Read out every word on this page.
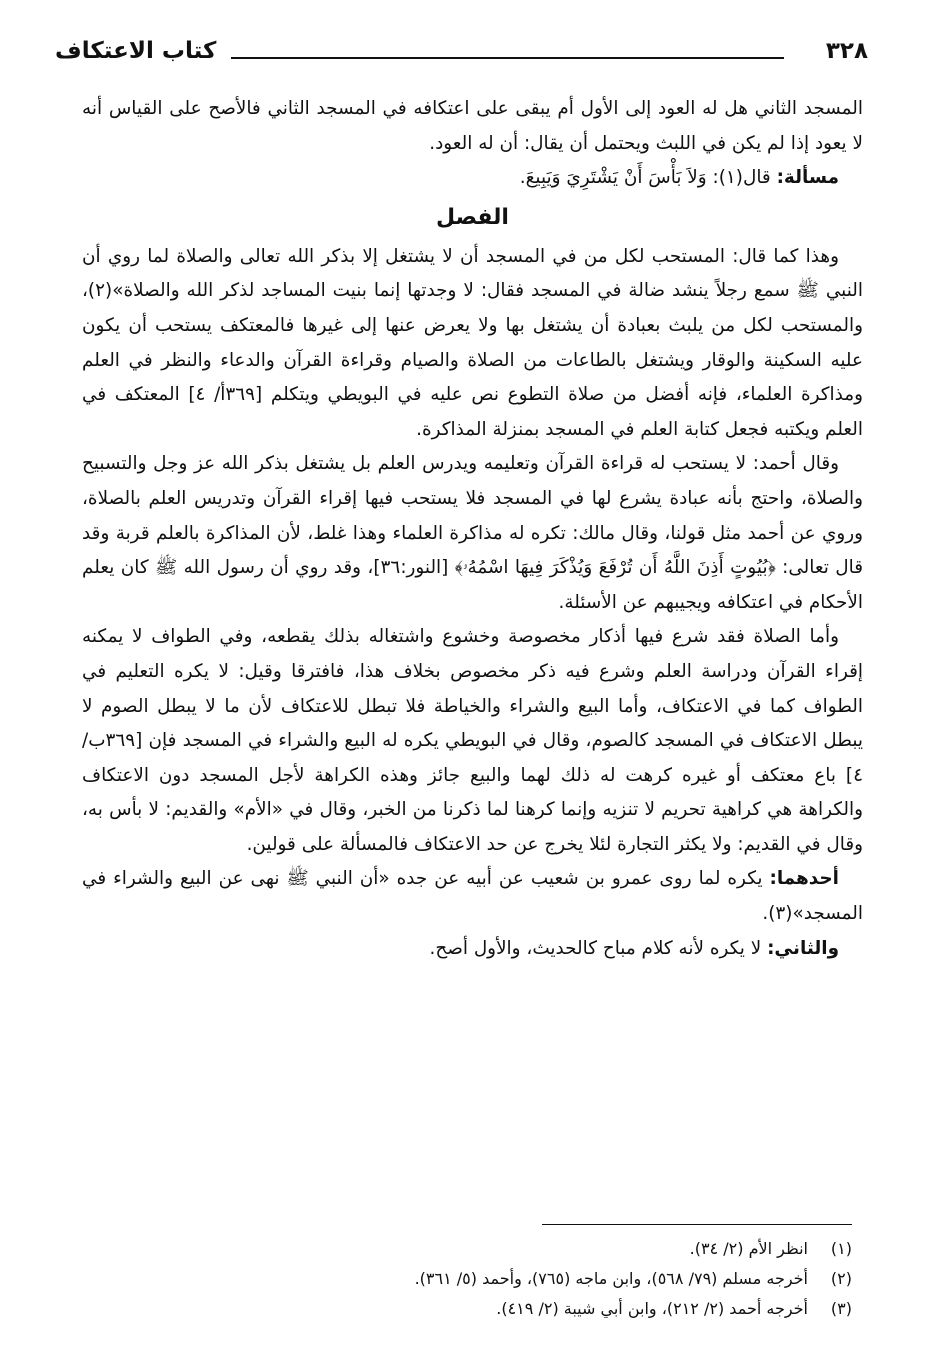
٣٢٨
كتاب الاعتكاف

المسجد الثاني هل له العود إلى الأول أم يبقى على اعتكافه في المسجد الثاني فالأصح على القياس أنه لا يعود إذا لم يكن في اللبث ويحتمل أن يقال: أن له العود.

مسألة: قال(١): وَلاَ بَأْسَ أَنْ يَشْتَرِيَ وَيَبِيعَ.

الفصل

وهذا كما قال: المستحب لكل من في المسجد أن لا يشتغل إلا بذكر الله تعالى والصلاة لما روي أن النبي ﷺ سمع رجلاً ينشد ضالة في المسجد فقال: لا وجدتها إنما بنيت المساجد لذكر الله والصلاة»(٢)، والمستحب لكل من يلبث بعبادة أن يشتغل بها ولا يعرض عنها إلى غيرها فالمعتكف يستحب أن يكون عليه السكينة والوقار ويشتغل بالطاعات من الصلاة والصيام وقراءة القرآن والدعاء والنظر في العلم ومذاكرة العلماء، فإنه أفضل من صلاة التطوع نص عليه في البويطي ويتكلم [٣٦٩أ/ ٤] المعتكف في العلم ويكتبه فجعل كتابة العلم في المسجد بمنزلة المذاكرة.

وقال أحمد: لا يستحب له قراءة القرآن وتعليمه ويدرس العلم بل يشتغل بذكر الله عز وجل والتسبيح والصلاة، واحتج بأنه عبادة يشرع لها في المسجد فلا يستحب فيها إقراء القرآن وتدريس العلم بالصلاة، وروي عن أحمد مثل قولنا، وقال مالك: تكره له مذاكرة العلماء وهذا غلط، لأن المذاكرة بالعلم قربة وقد قال تعالى: ﴿بُيُوتٍ أَذِنَ اللَّهُ أَن تُرْفَعَ وَيُذْكَرَ فِيهَا اسْمُهُۥ﴾ [النور:٣٦]، وقد روي أن رسول الله ﷺ كان يعلم الأحكام في اعتكافه ويجيبهم عن الأسئلة.

وأما الصلاة فقد شرع فيها أذكار مخصوصة وخشوع واشتغاله بذلك يقطعه، وفي الطواف لا يمكنه إقراء القرآن ودراسة العلم وشرع فيه ذكر مخصوص بخلاف هذا، فافترقا وقيل: لا يكره التعليم في الطواف كما في الاعتكاف، وأما البيع والشراء والخياطة فلا تبطل للاعتكاف لأن ما لا يبطل الصوم لا يبطل الاعتكاف في المسجد كالصوم، وقال في البويطي يكره له البيع والشراء في المسجد فإن [٣٦٩ب/ ٤] باع معتكف أو غيره كرهت له ذلك لهما والبيع جائز وهذه الكراهة لأجل المسجد دون الاعتكاف والكراهة هي كراهية تحريم لا تنزيه وإنما كرهنا لما ذكرنا من الخبر، وقال في «الأم» والقديم: لا بأس به، وقال في القديم: ولا يكثر التجارة لئلا يخرج عن حد الاعتكاف فالمسألة على قولين.

أحدهما: يكره لما روى عمرو بن شعيب عن أبيه عن جده «أن النبي ﷺ نهى عن البيع والشراء في المسجد»(٣).

والثاني: لا يكره لأنه كلام مباح كالحديث، والأول أصح.

(١)
انظر الأم (٢/ ٣٤).
(٢)
أخرجه مسلم (٧٩/ ٥٦٨)، وابن ماجه (٧٦٥)، وأحمد (٥/ ٣٦١).
(٣)
أخرجه أحمد (٢/ ٢١٢)، وابن أبي شيبة (٢/ ٤١٩).
